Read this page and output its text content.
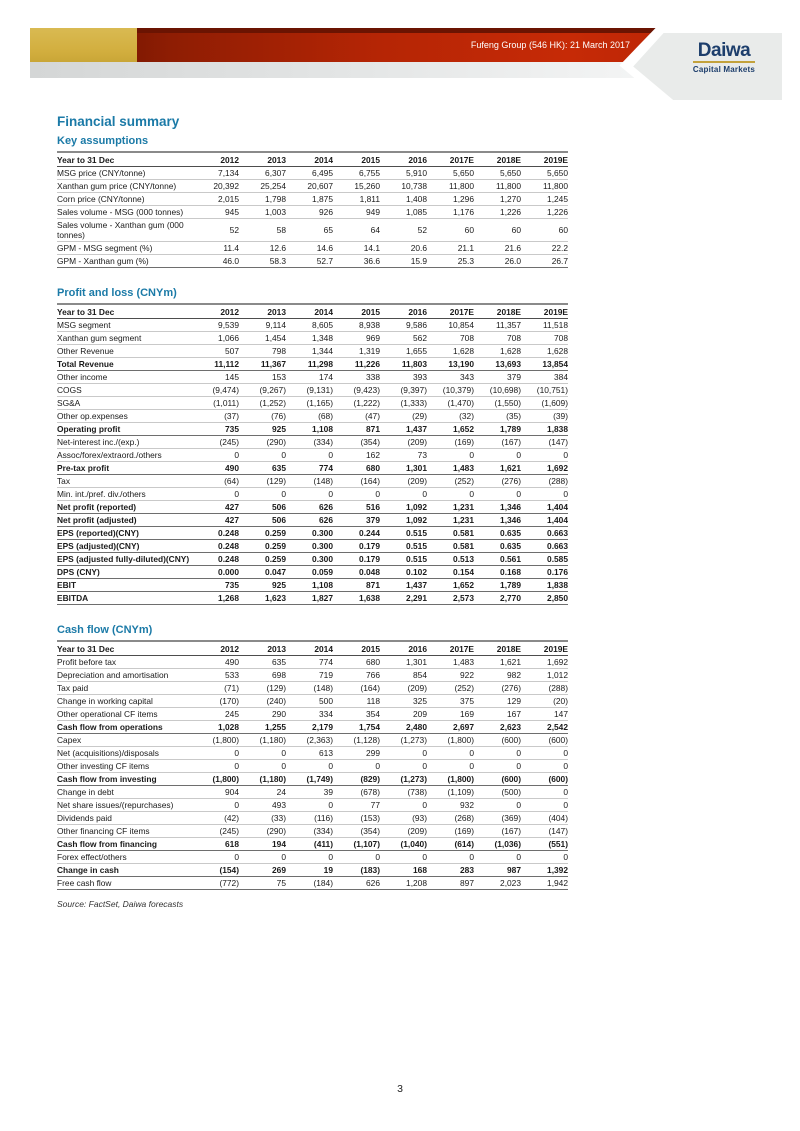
Fufeng Group (546 HK): 21 March 2017	Daiwa
Capital Markets
Financial summary
Key assumptions
Year to 31 Dec	2012	2013	2014	2015	2016	2017E	2018E	2019E
MSG price (CNY/tonne)	7,134	6,307	6,495	6,755	5,910	5,650	5,650	5,650
Xanthan gum price (CNY/tonne)	20,392	25,254	20,607	15,260	10,738	11,800	11,800	11,800
Corn price (CNY/tonne)	2,015	1,798	1,875	1,811	1,408	1,296	1,270	1,245
Sales volume - MSG (000 tonnes)	945	1,003	926	949	1,085	1,176	1,226	1,226
Sales volume - Xanthan gum (000 tonnes)	52	58	65	64	52	60	60	60
GPM - MSG segment (%)	11.4	12.6	14.6	14.1	20.6	21.1	21.6	22.2
GPM - Xanthan gum (%)	46.0	58.3	52.7	36.6	15.9	25.3	26.0	26.7
Profit and loss (CNYm)
Year to 31 Dec	2012	2013	2014	2015	2016	2017E	2018E	2019E
MSG segment	9,539	9,114	8,605	8,938	9,586	10,854	11,357	11,518
Xanthan gum segment	1,066	1,454	1,348	969	562	708	708	708
Other Revenue	507	798	1,344	1,319	1,655	1,628	1,628	1,628
Total Revenue	11,112	11,367	11,298	11,226	11,803	13,190	13,693	13,854
Other income	145	153	174	338	393	343	379	384
COGS	(9,474)	(9,267)	(9,131)	(9,423)	(9,397)	(10,379)	(10,698)	(10,751)
SG&A	(1,011)	(1,252)	(1,165)	(1,222)	(1,333)	(1,470)	(1,550)	(1,609)
Other op.expenses	(37)	(76)	(68)	(47)	(29)	(32)	(35)	(39)
Operating profit	735	925	1,108	871	1,437	1,652	1,789	1,838
Net-interest inc./(exp.)	(245)	(290)	(334)	(354)	(209)	(169)	(167)	(147)
Assoc/forex/extraord./others	0	0	0	162	73	0	0	0
Pre-tax profit	490	635	774	680	1,301	1,483	1,621	1,692
Tax	(64)	(129)	(148)	(164)	(209)	(252)	(276)	(288)
Min. int./pref. div./others	0	0	0	0	0	0	0	0
Net profit (reported)	427	506	626	516	1,092	1,231	1,346	1,404
Net profit (adjusted)	427	506	626	379	1,092	1,231	1,346	1,404
EPS (reported)(CNY)	0.248	0.259	0.300	0.244	0.515	0.581	0.635	0.663
EPS (adjusted)(CNY)	0.248	0.259	0.300	0.179	0.515	0.581	0.635	0.663
EPS (adjusted fully-diluted)(CNY)	0.248	0.259	0.300	0.179	0.515	0.513	0.561	0.585
DPS (CNY)	0.000	0.047	0.059	0.048	0.102	0.154	0.168	0.176
EBIT	735	925	1,108	871	1,437	1,652	1,789	1,838
EBITDA	1,268	1,623	1,827	1,638	2,291	2,573	2,770	2,850
Cash flow (CNYm)
Year to 31 Dec	2012	2013	2014	2015	2016	2017E	2018E	2019E
Profit before tax	490	635	774	680	1,301	1,483	1,621	1,692
Depreciation and amortisation	533	698	719	766	854	922	982	1,012
Tax paid	(71)	(129)	(148)	(164)	(209)	(252)	(276)	(288)
Change in working capital	(170)	(240)	500	118	325	375	129	(20)
Other operational CF items	245	290	334	354	209	169	167	147
Cash flow from operations	1,028	1,255	2,179	1,754	2,480	2,697	2,623	2,542
Capex	(1,800)	(1,180)	(2,363)	(1,128)	(1,273)	(1,800)	(600)	(600)
Net (acquisitions)/disposals	0	0	613	299	0	0	0	0
Other investing CF items	0	0	0	0	0	0	0	0
Cash flow from investing	(1,800)	(1,180)	(1,749)	(829)	(1,273)	(1,800)	(600)	(600)
Change in debt	904	24	39	(678)	(738)	(1,109)	(500)	0
Net share issues/(repurchases)	0	493	0	77	0	932	0	0
Dividends paid	(42)	(33)	(116)	(153)	(93)	(268)	(369)	(404)
Other financing CF items	(245)	(290)	(334)	(354)	(209)	(169)	(167)	(147)
Cash flow from financing	618	194	(411)	(1,107)	(1,040)	(614)	(1,036)	(551)
Forex effect/others	0	0	0	0	0	0	0	0
Change in cash	(154)	269	19	(183)	168	283	987	1,392
Free cash flow	(772)	75	(184)	626	1,208	897	2,023	1,942

Source: FactSet, Daiwa forecasts

3
